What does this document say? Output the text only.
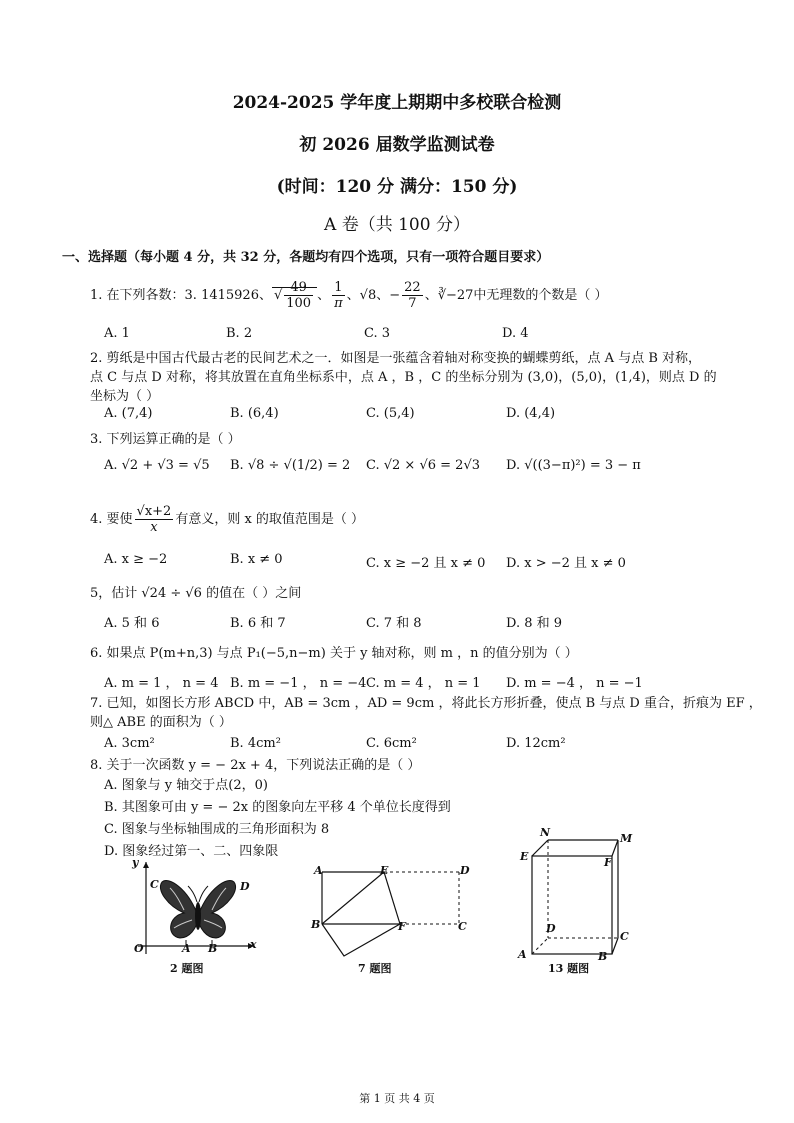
2024-2025 学年度上期期中多校联合检测
初 2026 届数学监测试卷
(时间：120 分 满分：150 分)
A 卷（共 100 分）
一、选择题（每小题 4 分，共 32 分，各题均有四个选项，只有一项符合题目要求）
1. 在下列各数：3. 1415926、 √ $\frac{49}{100}$ 、 $\frac{1}{\pi}$ 、√8、− $\frac{22}{7}$ 、∛−27中无理数的个数是（ ）
A. 1	B. 2	C. 3	D. 4
2. 剪纸是中国古代最古老的民间艺术之一．如图是一张蕴含着轴对称变换的蝴蝶剪纸，点 A 与点 B 对称，
点 C 与点 D 对称，将其放置在直角坐标系中，点 A ，B ，C 的坐标分别为 (3,0)，(5,0)，(1,4)，则点 D 的
坐标为（ ）
A. (7,4)	B. (6,4)	C. (5,4)	D. (4,4)
3. 下列运算正确的是（ ）
A. √2 + √3 = √5 B. √8 ÷ √(1/2) = 2 C. √2 × √6 = 2√3 D. √((3−π)²) = 3 − π
4. 要使 $\frac{√x+2}{x}$ 有意义，则 x 的取值范围是（ ）
A. x ≥ −2	B. x ≠ 0	C. x ≥ −2 且 x ≠ 0 D. x > −2 且 x ≠ 0
5，估计 √24 ÷ √6 的值在（ ）之间
A. 5 和 6	B. 6 和 7	C. 7 和 8	D. 8 和 9
6. 如果点 P(m+n,3) 与点 P₁(−5,n−m) 关于 y 轴对称，则 m ，n 的值分别为（ ）
A. m = 1 ， n = 4 B. m = −1 ， n = −4 C. m = 4 ， n = 1 D. m = −4 ， n = −1
7. 已知，如图长方形 ABCD 中，AB = 3cm ，AD = 9cm ，将此长方形折叠，使点 B 与点 D 重合，折痕为 EF ，
则△ ABE 的面积为（ ）
A. 3cm²	B. 4cm²	C. 6cm²	D. 12cm²
8. 关于一次函数 y = − 2x + 4，下列说法正确的是（ ）
A. 图象与 y 轴交于点(2，0)
B. 其图象可由 y = − 2x 的图象向左平移 4 个单位长度得到
C. 图象与坐标轴围成的三角形面积为 8
D. 图象经过第一、二、四象限
y
x
O	A B
C	D
2 题图
A	E	D
B	F	C
7 题图
N	M
E	F
D
C
A	B
13 题图
第 1 页 共 4 页
